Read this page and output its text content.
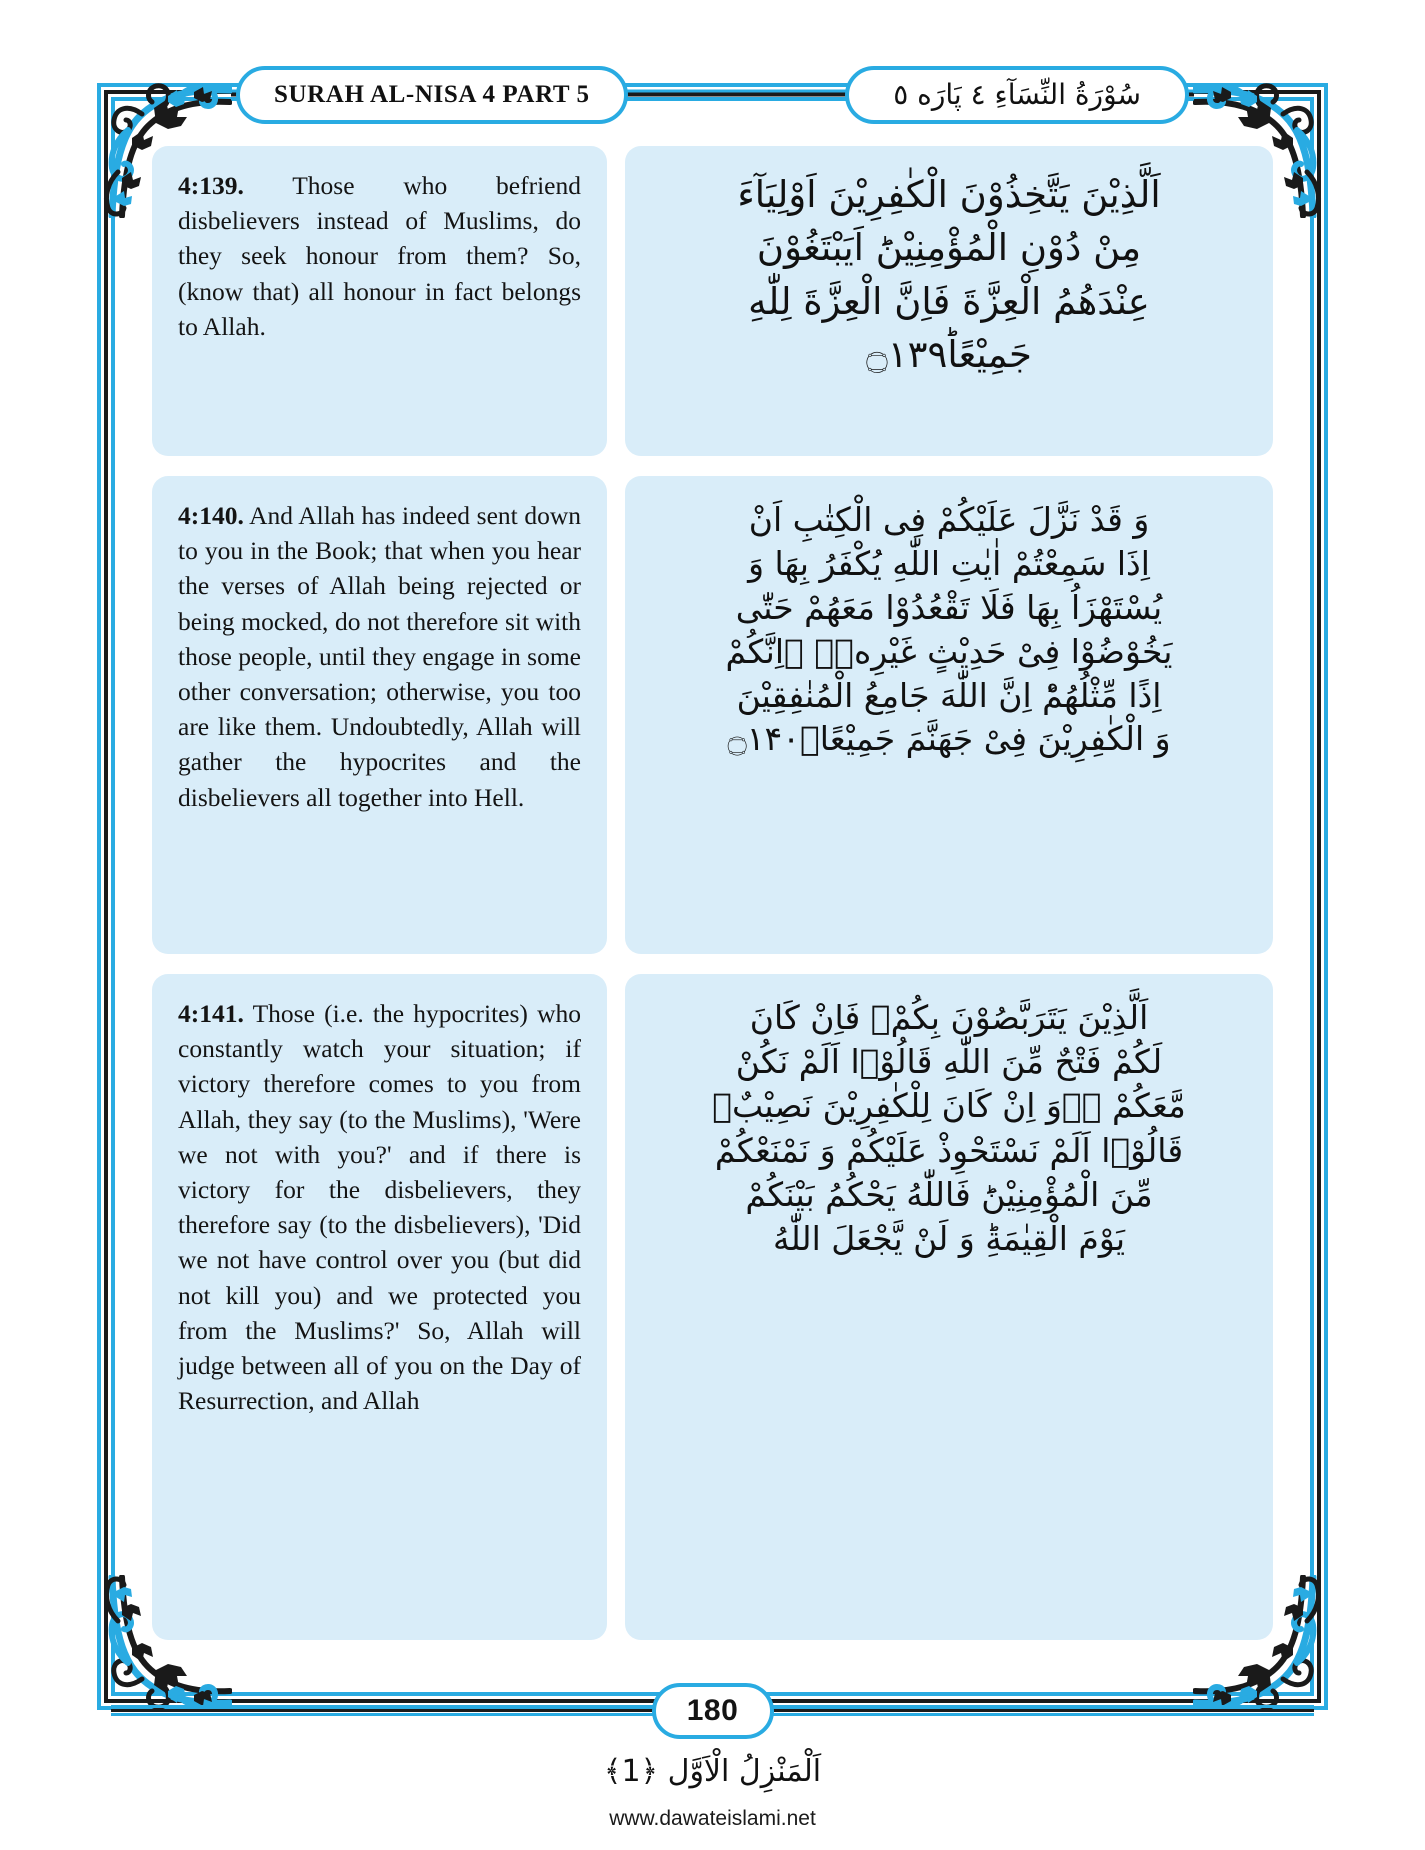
SURAH AL-NISA 4 PART 5	سُوْرَةُ النِّسَآءِ ٤ پَارَه ٥

4:139. Those who befriend disbelievers instead of Muslims, do they seek honour from them? So, (know that) all honour in fact belongs to Allah.

اَلَّذِیْنَ یَتَّخِذُوْنَ الْكٰفِرِیْنَ اَوْلِیَآءَ
مِنْ دُوْنِ الْمُؤْمِنِیْنَؕ اَیَبْتَغُوْنَ
عِنْدَهُمُ الْعِزَّةَ فَاِنَّ الْعِزَّةَ لِلّٰهِ
جَمِیْعًاؕ۝۱۳۹

4:140. And Allah has indeed sent down to you in the Book; that when you hear the verses of Allah being rejected or being mocked, do not therefore sit with those people, until they engage in some other conversation; otherwise, you too are like them. Undoubtedly, Allah will gather the hypocrites and the disbelievers all together into Hell.

وَ قَدْ نَزَّلَ عَلَیْكُمْ فِی الْكِتٰبِ اَنْ
اِذَا سَمِعْتُمْ اٰیٰتِ اللّٰهِ یُكْفَرُ بِهَا وَ
یُسْتَهْزَاُ بِهَا فَلَا تَقْعُدُوْا مَعَهُمْ حَتّٰى
یَخُوْضُوْا فِیْ حَدِیْثٍ غَیْرِهٖۤ ؗاِنَّكُمْ
اِذًا مِّثْلُهُمْؕ اِنَّ اللّٰهَ جَامِعُ الْمُنٰفِقِیْنَ
وَ الْكٰفِرِیْنَ فِیْ جَهَنَّمَ جَمِیْعًاۙ۝۱۴۰

4:141. Those (i.e. the hypocrites) who constantly watch your situation; if victory therefore comes to you from Allah, they say (to the Muslims), 'Were we not with you?' and if there is victory for the disbelievers, they therefore say (to the disbelievers), 'Did we not have control over you (but did not kill you) and we protected you from the Muslims?' So, Allah will judge between all of you on the Day of Resurrection, and Allah

اَلَّذِیْنَ یَتَرَبَّصُوْنَ بِكُمْۚ فَاِنْ كَانَ
لَكُمْ فَتْحٌ مِّنَ اللّٰهِ قَالُوْۤا اَلَمْ نَكُنْ
مَّعَكُمْ ۖؗوَ اِنْ كَانَ لِلْكٰفِرِیْنَ نَصِیْبٌۙ
قَالُوْۤا اَلَمْ نَسْتَحْوِذْ عَلَیْكُمْ وَ نَمْنَعْكُمْ
مِّنَ الْمُؤْمِنِیْنَؕ فَاللّٰهُ یَحْكُمُ بَیْنَكُمْ
یَوْمَ الْقِیٰمَةِؕ وَ لَنْ یَّجْعَلَ اللّٰهُ

180
اَلْمَنْزِلُ الْاَوَّل ﴿1﴾
www.dawateislami.net
